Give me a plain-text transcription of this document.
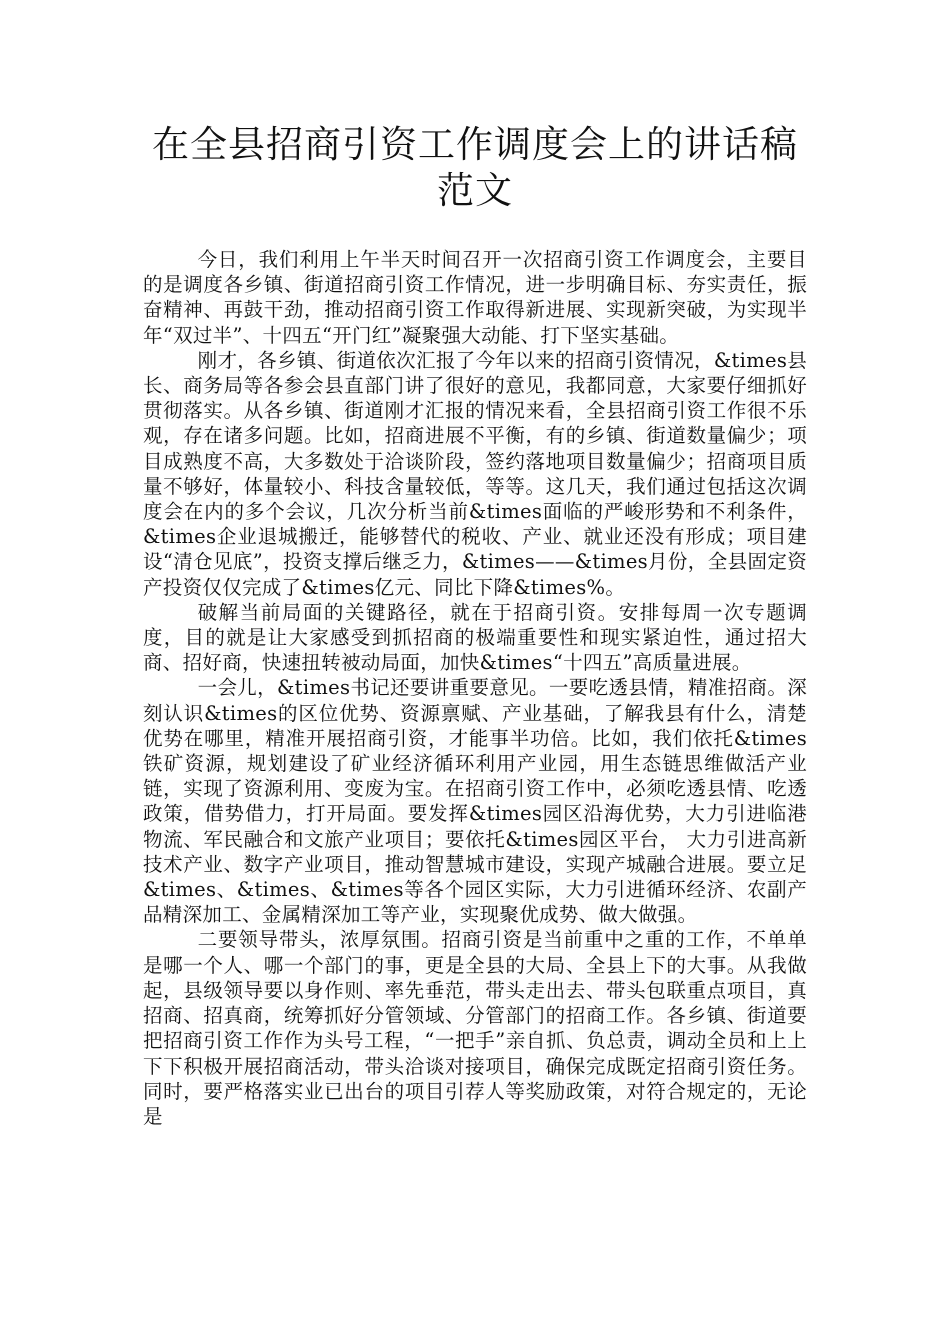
在全县招商引资工作调度会上的讲话稿范文

今日，我们利用上午半天时间召开一次招商引资工作调度会，主要目的是调度各乡镇、街道招商引资工作情况，进一步明确目标、夯实责任，振奋精神、再鼓干劲，推动招商引资工作取得新进展、实现新突破，为实现半年“双过半”、十四五“开门红”凝聚强大动能、打下坚实基础。

刚才，各乡镇、街道依次汇报了今年以来的招商引资情况，&times县长、商务局等各参会县直部门讲了很好的意见，我都同意，大家要仔细抓好贯彻落实。从各乡镇、街道刚才汇报的情况来看，全县招商引资工作很不乐观，存在诸多问题。比如，招商进展不平衡，有的乡镇、街道数量偏少；项目成熟度不高，大多数处于洽谈阶段，签约落地项目数量偏少；招商项目质量不够好，体量较小、科技含量较低，等等。这几天，我们通过包括这次调度会在内的多个会议，几次分析当前&times面临的严峻形势和不利条件，&times企业退城搬迁，能够替代的税收、产业、就业还没有形成；项目建设“清仓见底”，投资支撑后继乏力，&times——&times月份，全县固定资产投资仅仅完成了&times亿元、同比下降&times%。

破解当前局面的关键路径，就在于招商引资。安排每周一次专题调度，目的就是让大家感受到抓招商的极端重要性和现实紧迫性，通过招大商、招好商，快速扭转被动局面，加快&times“十四五”高质量进展。

一会儿，&times书记还要讲重要意见。一要吃透县情，精准招商。深刻认识&times的区位优势、资源禀赋、产业基础，了解我县有什么，清楚优势在哪里，精准开展招商引资，才能事半功倍。比如，我们依托&times铁矿资源，规划建设了矿业经济循环利用产业园，用生态链思维做活产业链，实现了资源利用、变废为宝。在招商引资工作中，必须吃透县情、吃透政策，借势借力，打开局面。要发挥&times园区沿海优势，大力引进临港物流、军民融合和文旅产业项目；要依托&times园区平台， 大力引进高新技术产业、数字产业项目，推动智慧城市建设，实现产城融合进展。要立足&times、&times、&times等各个园区实际，大力引进循环经济、农副产品精深加工、金属精深加工等产业，实现聚优成势、做大做强。

二要领导带头，浓厚氛围。招商引资是当前重中之重的工作，不单单是哪一个人、哪一个部门的事，更是全县的大局、全县上下的大事。从我做起，县级领导要以身作则、率先垂范，带头走出去、带头包联重点项目，真招商、招真商，统筹抓好分管领域、分管部门的招商工作。各乡镇、街道要把招商引资工作作为头号工程，“一把手”亲自抓、负总责，调动全员和上上下下积极开展招商活动，带头洽谈对接项目，确保完成既定招商引资任务。同时，要严格落实业已出台的项目引荐人等奖励政策，对符合规定的，无论是
